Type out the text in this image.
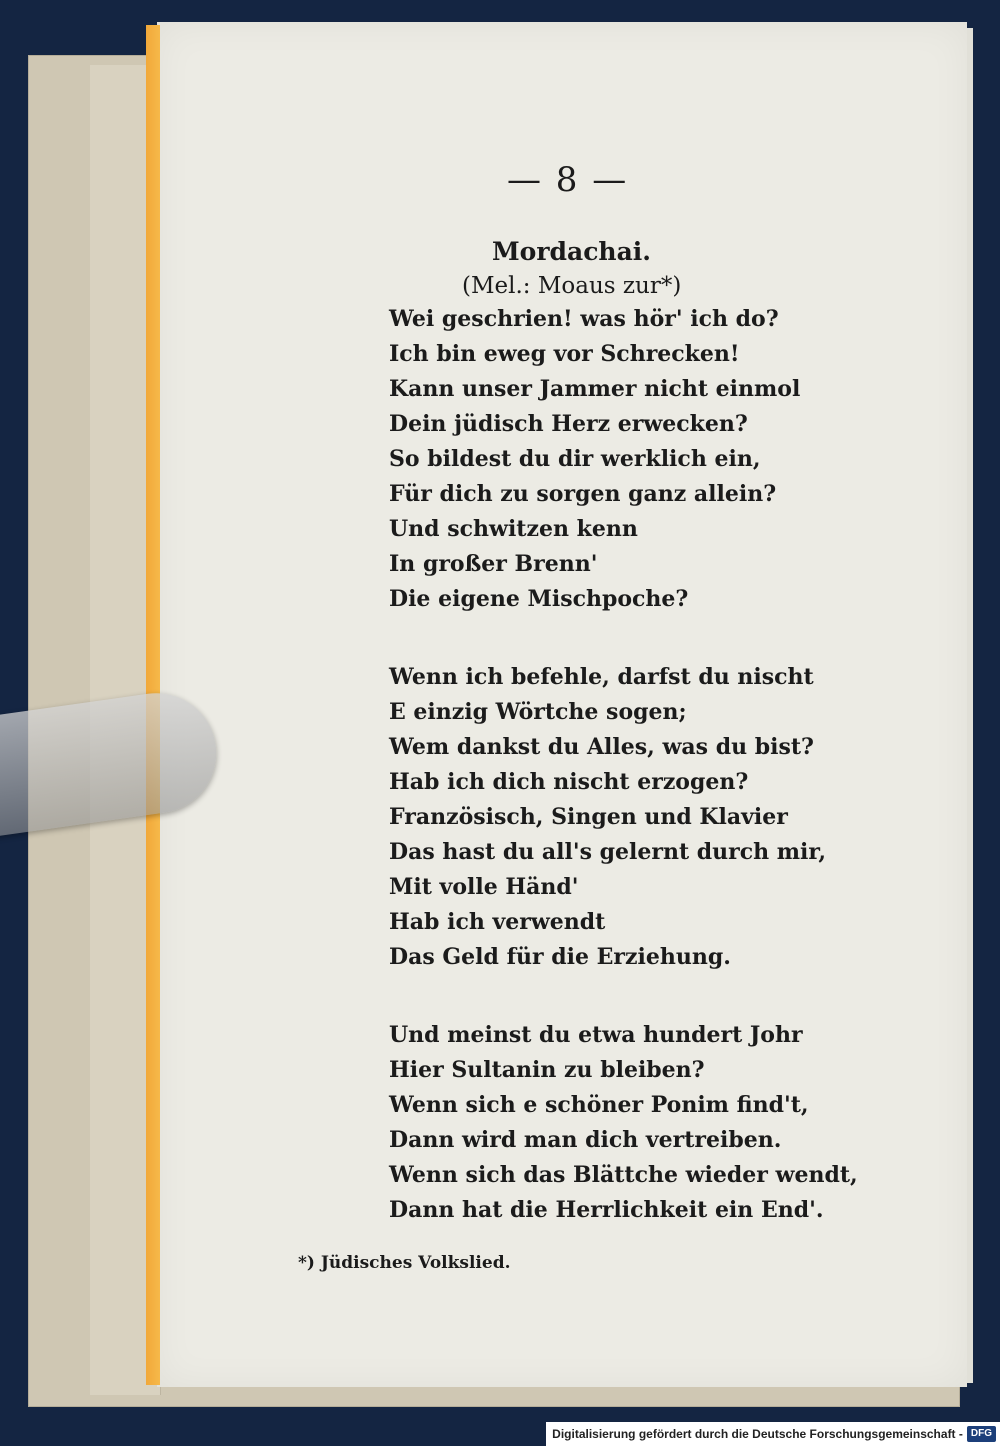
— 8 —
Mordachai.
(Mel.: Moaus zur*)
Wei geschrien! was hör' ich do?
Ich bin eweg vor Schrecken!
Kann unser Jammer nicht einmol
Dein jüdisch Herz erwecken?
So bildest du dir werklich ein,
Für dich zu sorgen ganz allein?
Und schwitzen kenn
In großer Brenn'
Die eigene Mischpoche?
Wenn ich befehle, darfst du nischt
E einzig Wörtche sogen;
Wem dankst du Alles, was du bist?
Hab ich dich nischt erzogen?
Französisch, Singen und Klavier
Das hast du all's gelernt durch mir,
Mit volle Händ'
Hab ich verwendt
Das Geld für die Erziehung.
Und meinst du etwa hundert Johr
Hier Sultanin zu bleiben?
Wenn sich e schöner Ponim find't,
Dann wird man dich vertreiben.
Wenn sich das Blättche wieder wendt,
Dann hat die Herrlichkeit ein End'.
*) Jüdisches Volkslied.
Digitalisierung gefördert durch die Deutsche Forschungsgemeinschaft - DFG
